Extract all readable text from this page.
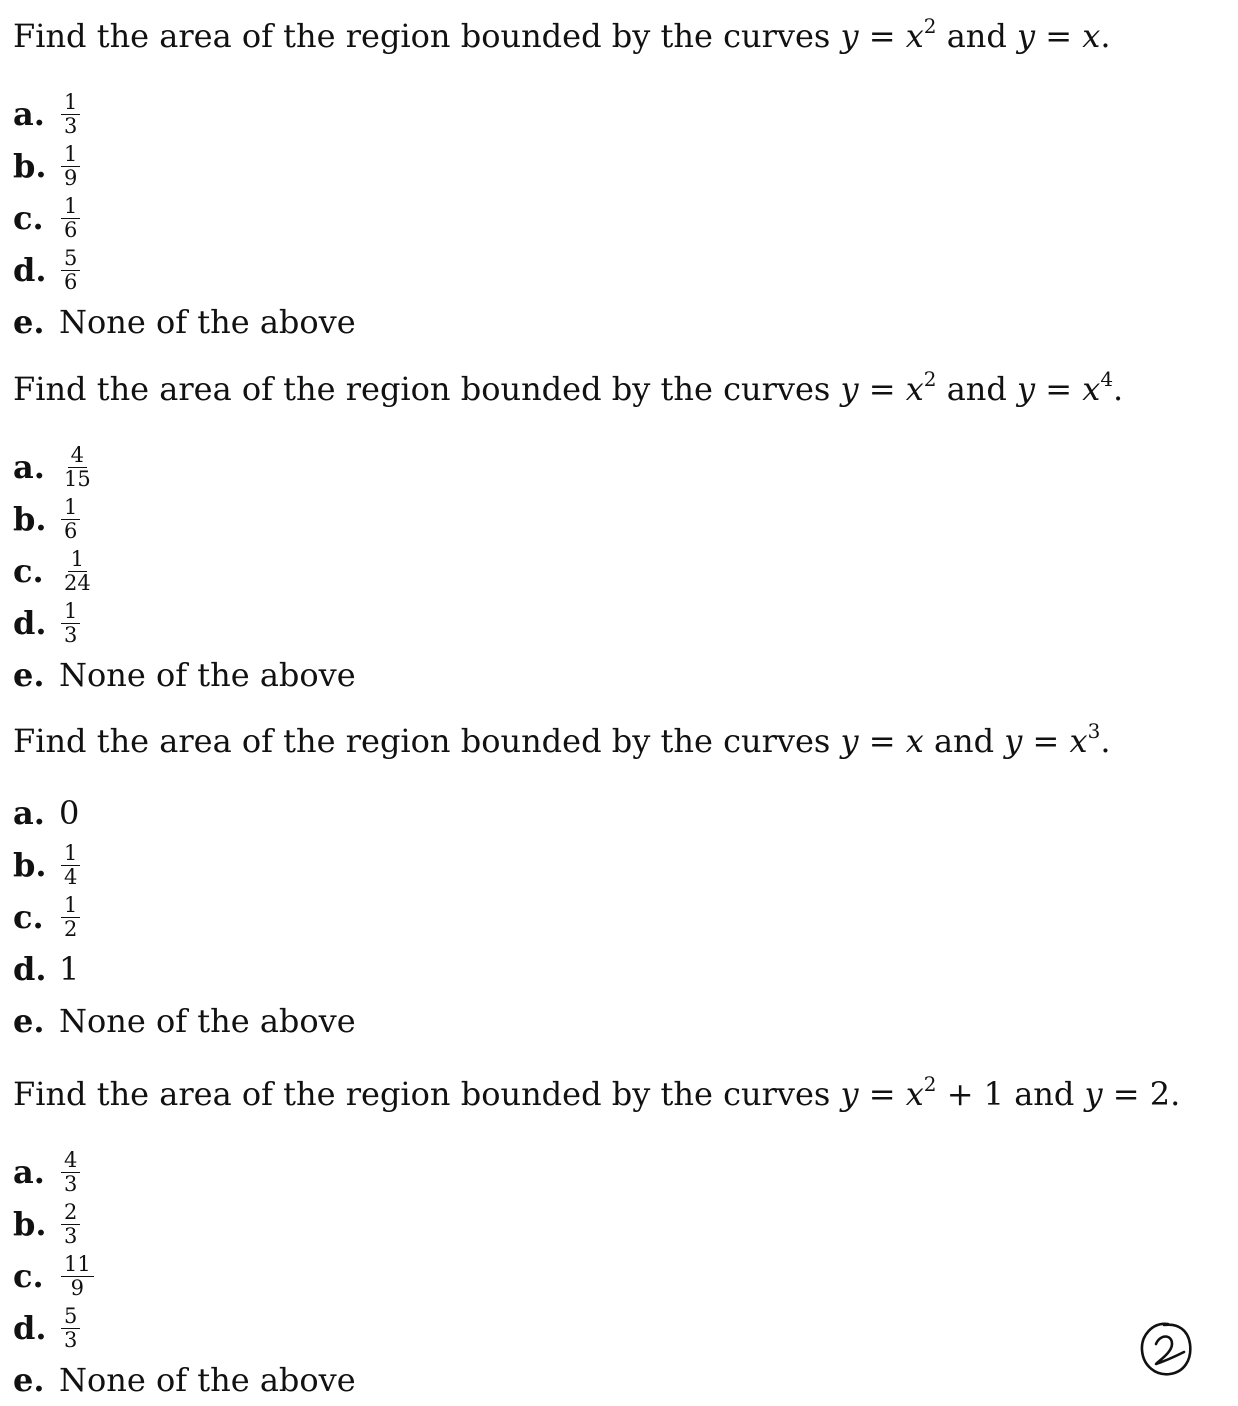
Find the area of the region bounded by the curves $y = x^2$ and y = x.
a. $\frac{1}{3}$
b. $\frac{1}{9}$
c. $\frac{1}{6}$
d. $\frac{5}{6}$
e. None of the above
Find the area of the region bounded by the curves $y = x^2$ and $y = x^4$.
a. $\frac{4}{15}$
b. $\frac{1}{6}$
c. $\frac{1}{24}$
d. $\frac{1}{3}$
e. None of the above
Find the area of the region bounded by the curves y = x and $y = x^3$.
a. 0
b. $\frac{1}{4}$
c. $\frac{1}{2}$
d. 1
e. None of the above
Find the area of the region bounded by the curves $y = x^2 + 1$ and y = 2.
a. $\frac{4}{3}$
b. $\frac{2}{3}$
c. $\frac{11}{9}$
d. $\frac{5}{3}$
e. None of the above
